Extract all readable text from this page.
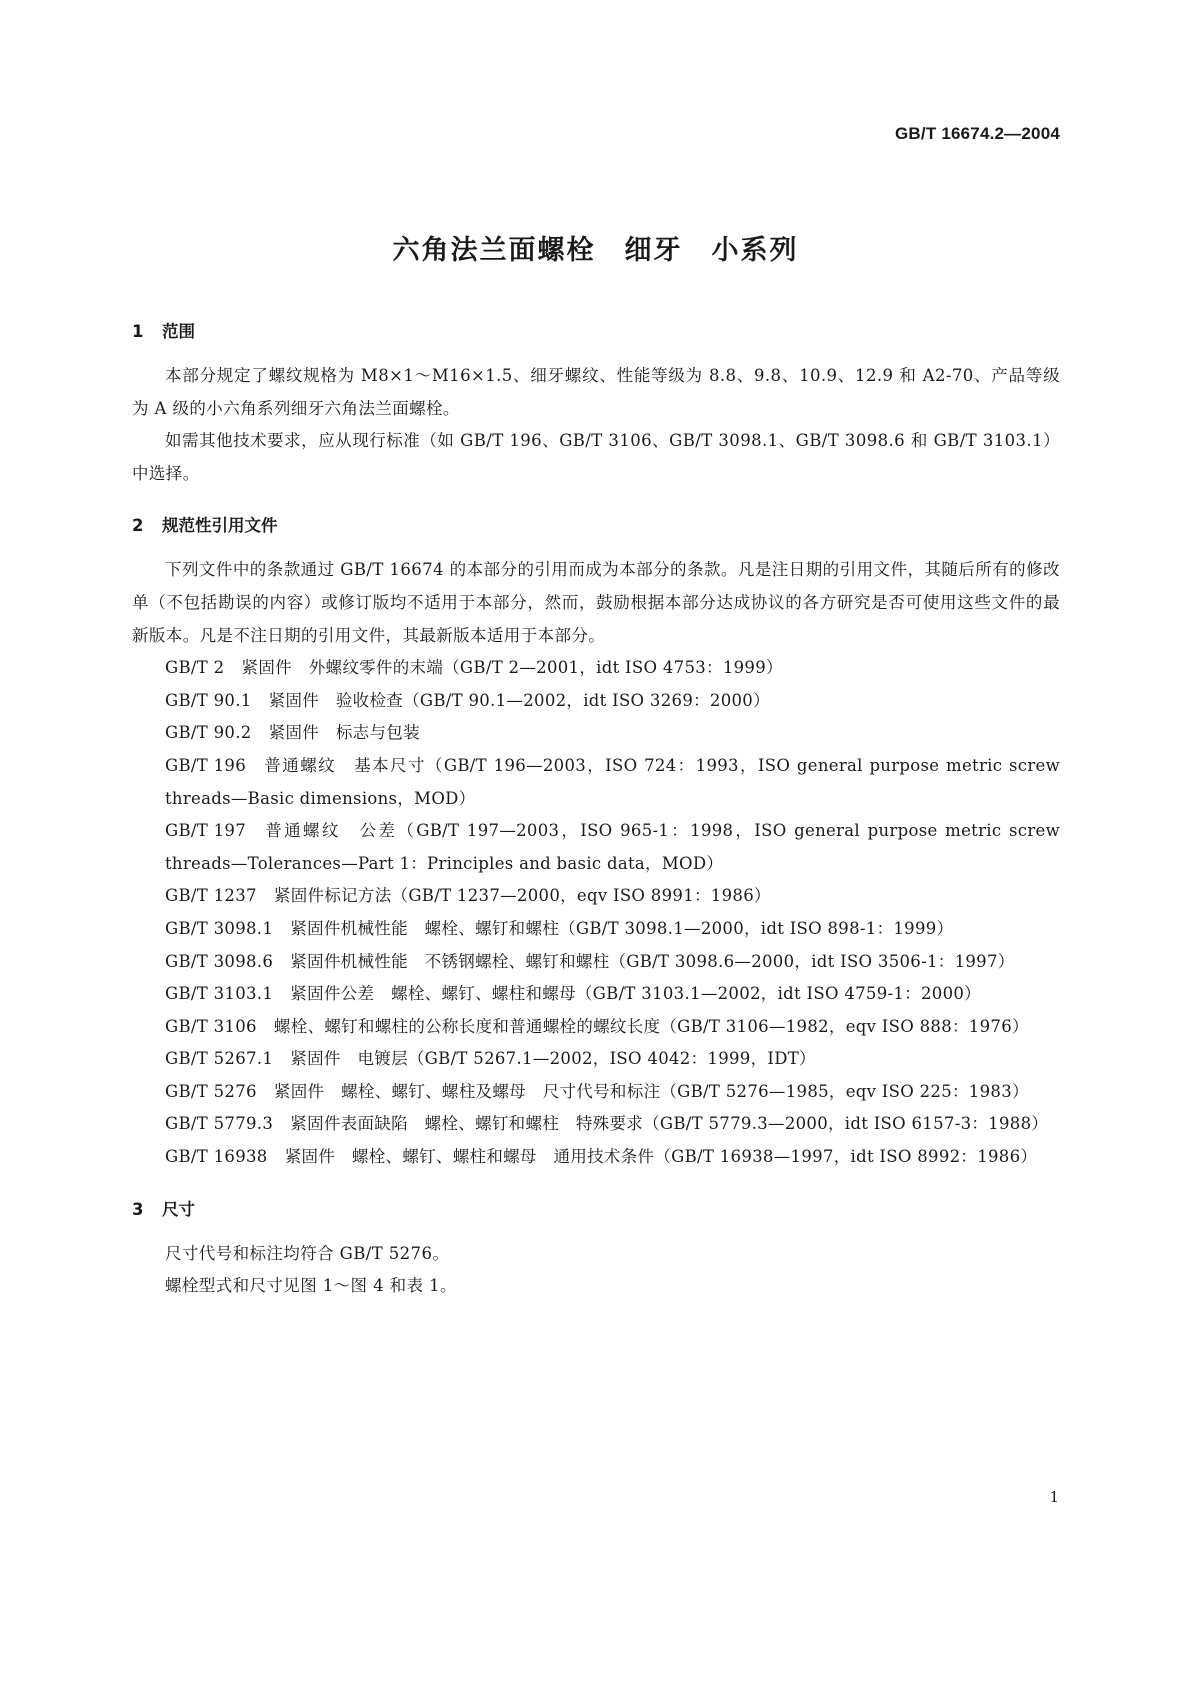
GB/T 16674.2—2004

六角法兰面螺栓　细牙　小系列
1 范围

本部分规定了螺纹规格为 M8×1～M16×1.5、细牙螺纹、性能等级为 8.8、9.8、10.9、12.9 和 A2-70、产品等级为 A 级的小六角系列细牙六角法兰面螺栓。

如需其他技术要求，应从现行标准（如 GB/T 196、GB/T 3106、GB/T 3098.1、GB/T 3098.6 和 GB/T 3103.1）中选择。

2 规范性引用文件

下列文件中的条款通过 GB/T 16674 的本部分的引用而成为本部分的条款。凡是注日期的引用文件，其随后所有的修改单（不包括勘误的内容）或修订版均不适用于本部分，然而，鼓励根据本部分达成协议的各方研究是否可使用这些文件的最新版本。凡是不注日期的引用文件，其最新版本适用于本部分。

GB/T 2   紧固件　外螺纹零件的末端（GB/T 2—2001，idt ISO 4753：1999）

GB/T 90.1   紧固件　验收检查（GB/T 90.1—2002，idt ISO 3269：2000）

GB/T 90.2   紧固件　标志与包装

GB/T 196   普通螺纹　基本尺寸（GB/T 196—2003，ISO 724：1993，ISO general purpose metric screw threads—Basic dimensions，MOD）

GB/T 197   普通螺纹　公差（GB/T 197—2003，ISO 965-1：1998，ISO general purpose metric screw threads—Tolerances—Part 1：Principles and basic data，MOD）

GB/T 1237   紧固件标记方法（GB/T 1237—2000，eqv ISO 8991：1986）

GB/T 3098.1   紧固件机械性能　螺栓、螺钉和螺柱（GB/T 3098.1—2000，idt ISO 898-1：1999）

GB/T 3098.6   紧固件机械性能　不锈钢螺栓、螺钉和螺柱（GB/T 3098.6—2000，idt ISO 3506-1：1997）

GB/T 3103.1   紧固件公差　螺栓、螺钉、螺柱和螺母（GB/T 3103.1—2002，idt ISO 4759-1：2000）

GB/T 3106   螺栓、螺钉和螺柱的公称长度和普通螺栓的螺纹长度（GB/T 3106—1982，eqv ISO 888：1976）

GB/T 5267.1   紧固件　电镀层（GB/T 5267.1—2002，ISO 4042：1999，IDT）

GB/T 5276   紧固件　螺栓、螺钉、螺柱及螺母　尺寸代号和标注（GB/T 5276—1985，eqv ISO 225：1983）

GB/T 5779.3   紧固件表面缺陷　螺栓、螺钉和螺柱　特殊要求（GB/T 5779.3—2000，idt ISO 6157-3：1988）

GB/T 16938   紧固件　螺栓、螺钉、螺柱和螺母　通用技术条件（GB/T 16938—1997，idt ISO 8992：1986）

3 尺寸

尺寸代号和标注均符合 GB/T 5276。

螺栓型式和尺寸见图 1～图 4 和表 1。

1
